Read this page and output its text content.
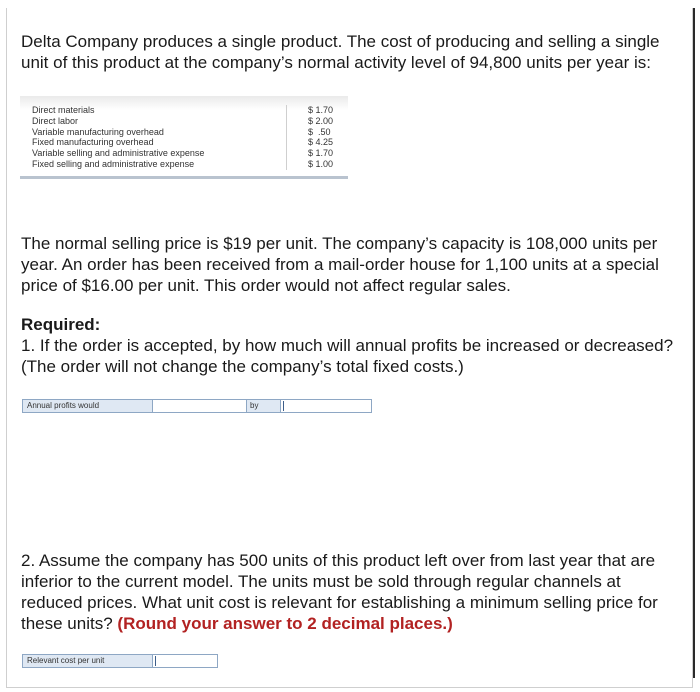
Delta Company produces a single product. The cost of producing and selling a single unit of this product at the company’s normal activity level of 94,800 units per year is:

Direct materials	$ 1.70
Direct labor	$ 2.00
Variable manufacturing overhead	$  .50
Fixed manufacturing overhead	$ 4.25
Variable selling and administrative expense	$ 1.70
Fixed selling and administrative expense	$ 1.00

The normal selling price is $19 per unit. The company’s capacity is 108,000 units per year. An order has been received from a mail-order house for 1,100 units at a special price of $16.00 per unit. This order would not affect regular sales.

Required:

1. If the order is accepted, by how much will annual profits be increased or decreased? (The order will not change the company’s total fixed costs.)

Annual profits would	by

2. Assume the company has 500 units of this product left over from last year that are inferior to the current model. The units must be sold through regular channels at reduced prices. What unit cost is relevant for establishing a minimum selling price for these units? (Round your answer to 2 decimal places.)

Relevant cost per unit
